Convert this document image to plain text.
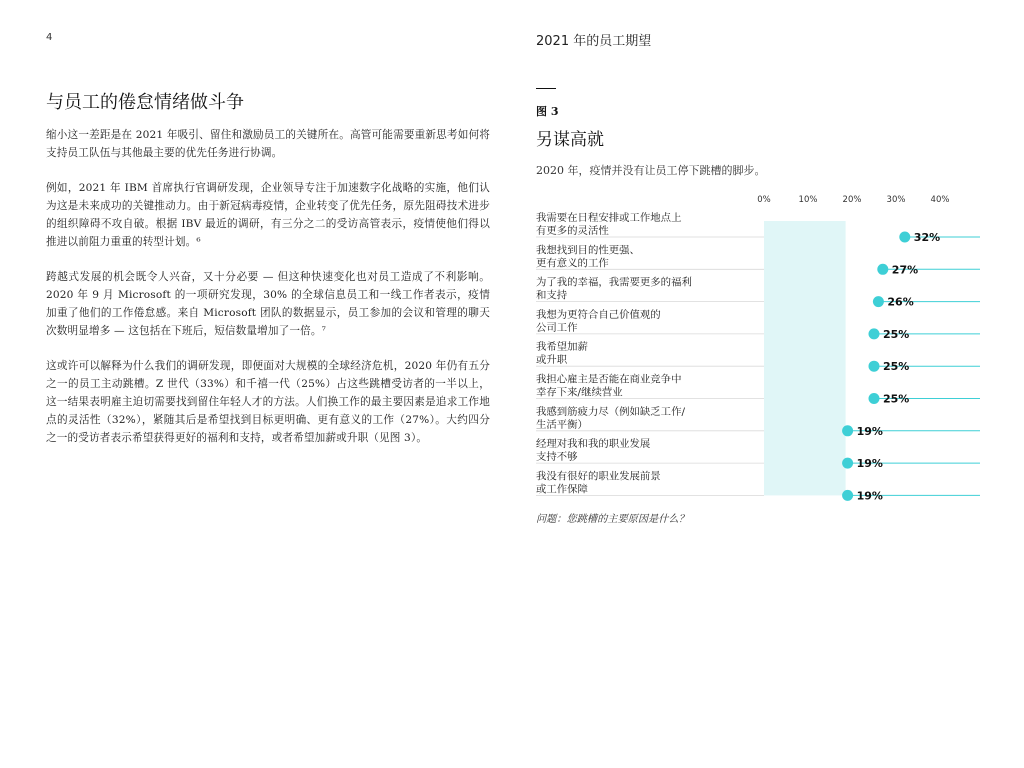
4	2021 年的员工期望
与员工的倦怠情绪做斗争

缩小这一差距是在 2021 年吸引、留住和激励员工的关键所在。高管可能需要重新思考如何将支持员工队伍与其他最主要的优先任务进行协调。

例如，2021 年 IBM 首席执行官调研发现，企业领导专注于加速数字化战略的实施，他们认为这是未来成功的关键推动力。由于新冠病毒疫情，企业转变了优先任务，原先阻碍技术进步的组织障碍不攻自破。根据 IBV 最近的调研，有三分之二的受访高管表示，疫情使他们得以推进以前阻力重重的转型计划。⁶

跨越式发展的机会既令人兴奋，又十分必要 — 但这种快速变化也对员工造成了不利影响。2020 年 9 月 Microsoft 的一项研究发现，30% 的全球信息员工和一线工作者表示，疫情加重了他们的工作倦怠感。来自 Microsoft 团队的数据显示，员工参加的会议和管理的聊天次数明显增多 — 这包括在下班后，短信数量增加了一倍。⁷

这或许可以解释为什么我们的调研发现，即便面对大规模的全球经济危机，2020 年仍有五分之一的员工主动跳槽。Z 世代（33%）和千禧一代（25%）占这些跳槽受访者的一半以上，这一结果表明雇主迫切需要找到留住年轻人才的方法。人们换工作的最主要因素是追求工作地点的灵活性（32%），紧随其后是希望找到目标更明确、更有意义的工作（27%）。大约四分之一的受访者表示希望获得更好的福利和支持，或者希望加薪或升职（见图 3）。

图 3
另谋高就
2020 年，疫情并没有让员工停下跳槽的脚步。
0%	10%	20%	30%	40%
我需要在日程安排或工作地点上
有更多的灵活性	32%
我想找到目的性更强、
更有意义的工作	27%
为了我的幸福，我需要更多的福利
和支持	26%
我想为更符合自己价值观的
公司工作	25%
我希望加薪
或升职	25%
我担心雇主是否能在商业竞争中
幸存下来/继续营业	25%
我感到筋疲力尽（例如缺乏工作/
生活平衡）	19%
经理对我和我的职业发展
支持不够	19%
我没有很好的职业发展前景
或工作保障	19%
问题：您跳槽的主要原因是什么？
